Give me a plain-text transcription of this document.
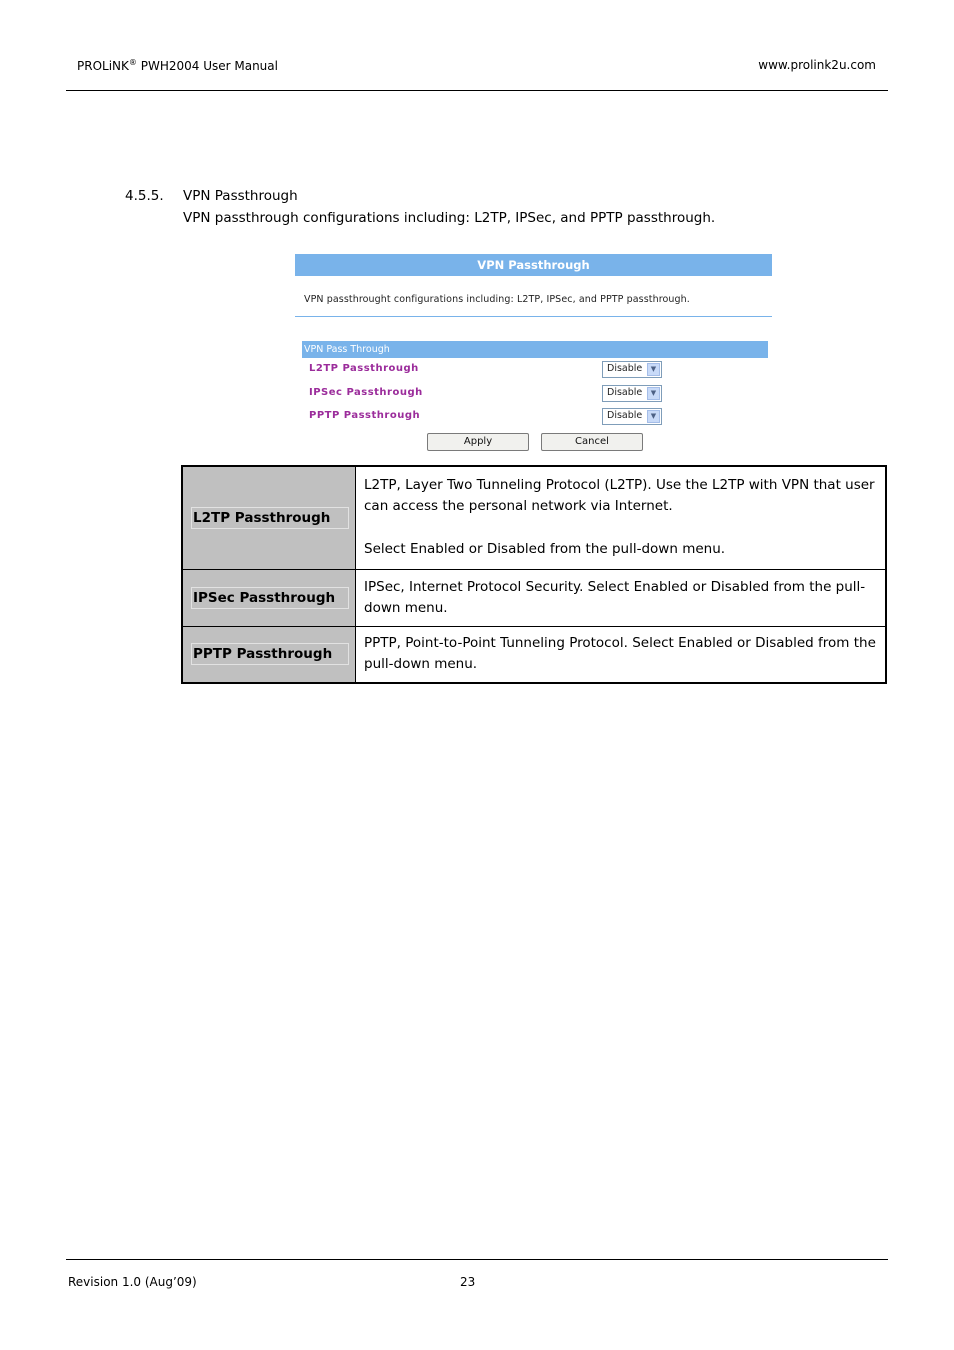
PROLiNK® PWH2004 User Manual	www.prolink2u.com
4.5.5. VPN Passthrough
VPN passthrough configurations including: L2TP, IPSec, and PPTP passthrough.
VPN Passthrough
VPN passthrought configurations including: L2TP, IPSec, and PPTP passthrough.
VPN Pass Through
L2TP Passthrough	Disable	▼
IPSec Passthrough	Disable	▼
PPTP Passthrough	Disable	▼
Apply	Cancel
L2TP Passthrough	L2TP, Layer Two Tunneling Protocol (L2TP). Use the L2TP with VPN that user can access the personal network via Internet.
Select Enabled or Disabled from the pull-down menu.

IPSec Passthrough	IPSec, Internet Protocol Security. Select Enabled or Disabled from the pull-down menu.

PPTP Passthrough	PPTP, Point-to-Point Tunneling Protocol. Select Enabled or Disabled from the pull-down menu.
Revision 1.0 (Aug’09)	23
